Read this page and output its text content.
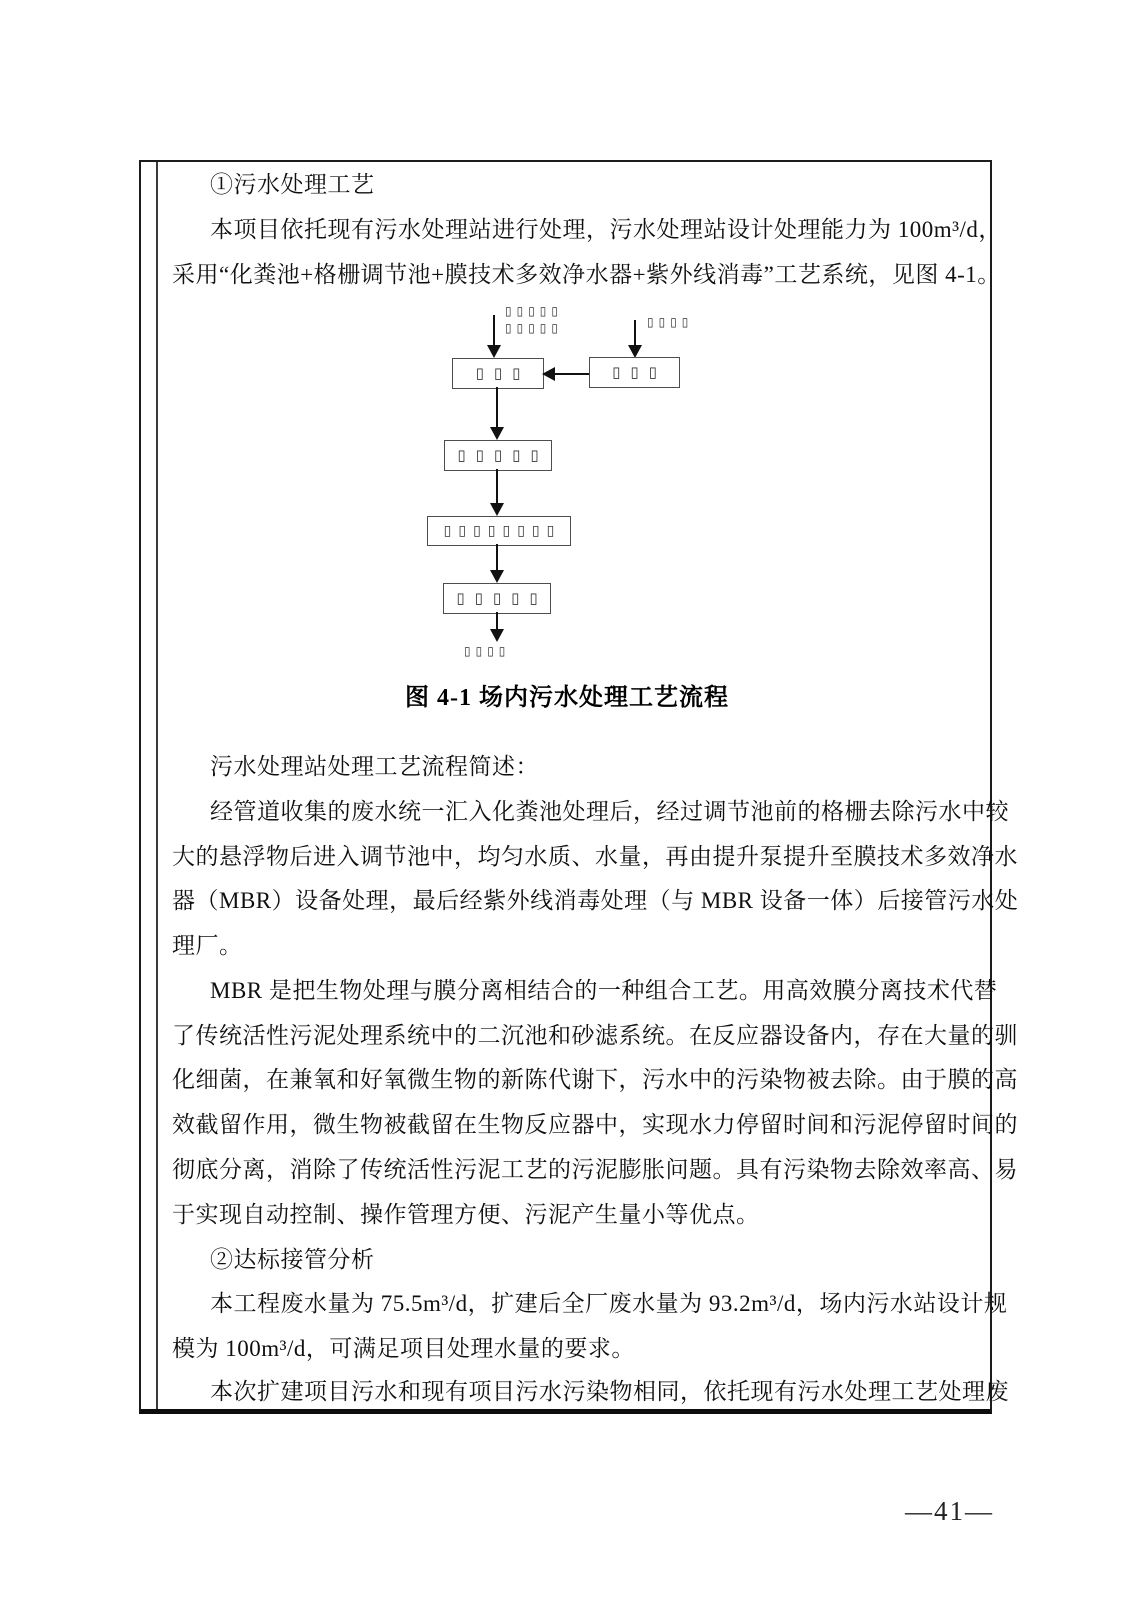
①污水处理工艺
本项目依托现有污水处理站进行处理，污水处理站设计处理能力为 100m³/d，
采用“化粪池+格栅调节池+膜技术多效净水器+紫外线消毒”工艺系统，见图 4-1。
▯▯▯▯▯
▯▯▯▯▯	▯▯▯▯
▯▯▯	▯▯▯
▯▯▯▯▯
▯▯▯▯▯▯▯▯
▯▯▯▯▯
▯▯▯▯
图 4-1 场内污水处理工艺流程
污水处理站处理工艺流程简述：
经管道收集的废水统一汇入化粪池处理后，经过调节池前的格栅去除污水中较
大的悬浮物后进入调节池中，均匀水质、水量，再由提升泵提升至膜技术多效净水
器（MBR）设备处理，最后经紫外线消毒处理（与 MBR 设备一体）后接管污水处
理厂。
MBR 是把生物处理与膜分离相结合的一种组合工艺。用高效膜分离技术代替
了传统活性污泥处理系统中的二沉池和砂滤系统。在反应器设备内，存在大量的驯
化细菌，在兼氧和好氧微生物的新陈代谢下，污水中的污染物被去除。由于膜的高
效截留作用，微生物被截留在生物反应器中，实现水力停留时间和污泥停留时间的
彻底分离，消除了传统活性污泥工艺的污泥膨胀问题。具有污染物去除效率高、易
于实现自动控制、操作管理方便、污泥产生量小等优点。
②达标接管分析
本工程废水量为 75.5m³/d，扩建后全厂废水量为 93.2m³/d，场内污水站设计规
模为 100m³/d，可满足项目处理水量的要求。
本次扩建项目污水和现有项目污水污染物相同，依托现有污水处理工艺处理废
—41—
